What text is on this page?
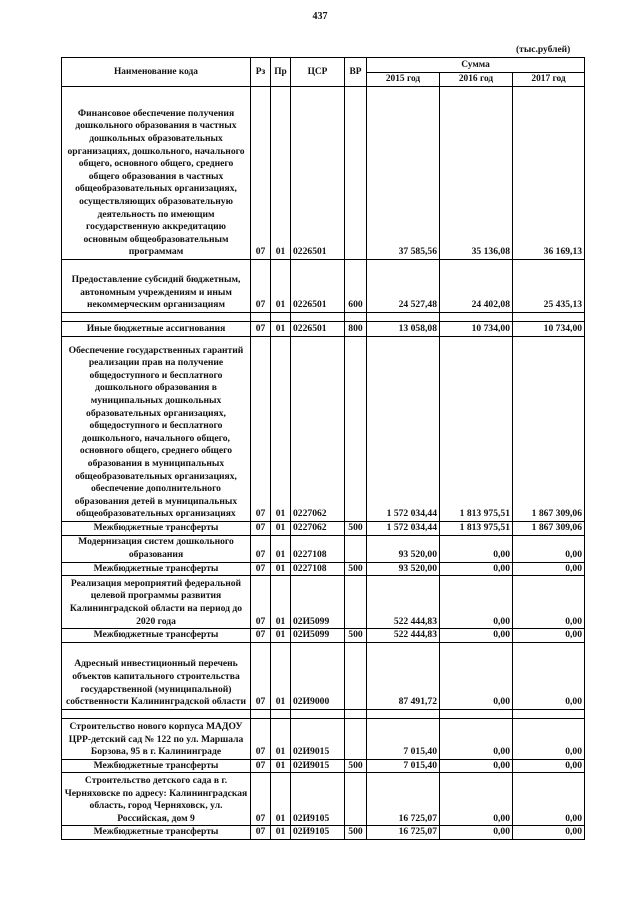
437
(тыс.рублей)
Наименование кода	Рз	Пр	ЦСР	ВР	Сумма		
					2015 год	2016 год	2017 год
Финансовое обеспечение получения дошкольного образования в частных дошкольных образовательных организациях, дошкольного, начального общего, основного общего, среднего общего образования в частных общеобразовательных организациях, осуществляющих образовательную деятельность по имеющим государственную аккредитацию основным общеобразовательным программам	07	01	0226501		37 585,56	35 136,08	36 169,13
Предоставление субсидий бюджетным, автономным учреждениям и иным некоммерческим организациям	07	01	0226501	600	24 527,48	24 402,08	25 435,13

Иные бюджетные ассигнования	07	01	0226501	800	13 058,08	10 734,00	10 734,00
Обеспечение государственных гарантий реализации прав на получение общедоступного и бесплатного дошкольного образования в муниципальных дошкольных образовательных организациях, общедоступного и бесплатного дошкольного, начального общего, основного общего, среднего общего образования в муниципальных общеобразовательных организациях, обеспечение дополнительного образования детей в муниципальных общеобразовательных организациях	07	01	0227062		1 572 034,44	1 813 975,51	1 867 309,06
Межбюджетные трансферты	07	01	0227062	500	1 572 034,44	1 813 975,51	1 867 309,06
Модернизация систем дошкольного образования	07	01	0227108		93 520,00	0,00	0,00
Межбюджетные трансферты	07	01	0227108	500	93 520,00	0,00	0,00
Реализация мероприятий федеральной целевой программы развития Калининградской области на период до 2020 года	07	01	02И5099		522 444,83	0,00	0,00
Межбюджетные трансферты	07	01	02И5099	500	522 444,83	0,00	0,00
Адресный инвестиционный перечень объектов капитального строительства государственной (муниципальной) собственности Калининградской области	07	01	02И9000		87 491,72	0,00	0,00

Строительство нового корпуса МАДОУ ЦРР-детский сад № 122 по ул. Маршала Борзова, 95 в г. Калининграде	07	01	02И9015		7 015,40	0,00	0,00
Межбюджетные трансферты	07	01	02И9015	500	7 015,40	0,00	0,00
Строительство детского сада в г. Черняховске по адресу: Калининградская область, город Черняховск, ул. Российская, дом 9	07	01	02И9105		16 725,07	0,00	0,00
Межбюджетные трансферты	07	01	02И9105	500	16 725,07	0,00	0,00
